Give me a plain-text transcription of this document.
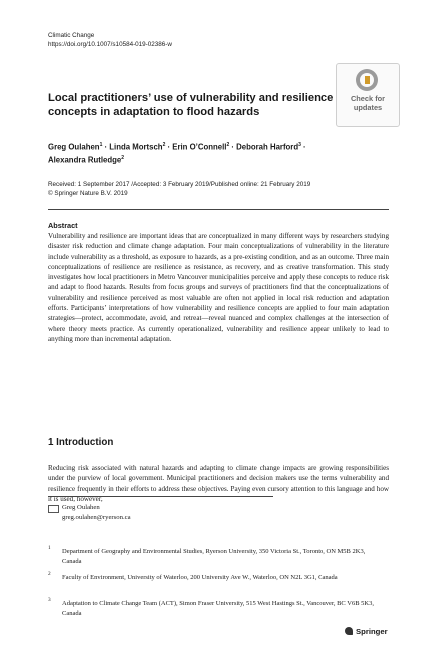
Climatic Change
https://doi.org/10.1007/s10584-019-02386-w
Check for updates
Local practitioners’ use of vulnerability and resilience concepts in adaptation to flood hazards
Greg Oulahen$^1$ · Linda Mortsch$^2$ · Erin O’Connell$^2$ · Deborah Harford$^3$ ·
Alexandra Rutledge$^2$
Received: 1 September 2017 /Accepted: 3 February 2019/Published online: 21 February 2019
© Springer Nature B.V. 2019
Abstract
Vulnerability and resilience are important ideas that are conceptualized in many different ways by researchers studying disaster risk reduction and climate change adaptation. Four main conceptualizations of vulnerability in the literature include vulnerability as a threshold, as exposure to hazards, as a pre-existing condition, and as an outcome. Three main conceptualizations of resilience are resilience as resistance, as recovery, and as creative transformation. This study investigates how local practitioners in Metro Vancouver municipalities perceive and apply these concepts to reduce risk and adapt to flood hazards. Results from focus groups and surveys of practitioners find that the conceptualizations of vulnerability and resilience perceived as most valuable are often not applied in local risk reduction and adaptation efforts. Participants’ interpretations of how vulnerability and resilience concepts are applied to four main adaptation strategies—protect, accommodate, avoid, and retreat—reveal nuanced and complex challenges at the intersection of where theory meets practice. As currently operationalized, vulnerability and resilience appear unlikely to lead to anything more than incremental adaptation.
1 Introduction
Reducing risk associated with natural hazards and adapting to climate change impacts are growing responsibilities under the purview of local government. Municipal practitioners and decision makers use the terms vulnerability and resilience frequently in their efforts to address these objectives. Paying even cursory attention to this language and how it is used, however,
Greg Oulahen
greg.oulahen@ryerson.ca
1 Department of Geography and Environmental Studies, Ryerson University, 350 Victoria St., Toronto, ON M5B 2K3, Canada
2 Faculty of Environment, University of Waterloo, 200 University Ave W., Waterloo, ON N2L 3G1, Canada
3 Adaptation to Climate Change Team (ACT), Simon Fraser University, 515 West Hastings St., Vancouver, BC V6B 5K3, Canada
Springer
